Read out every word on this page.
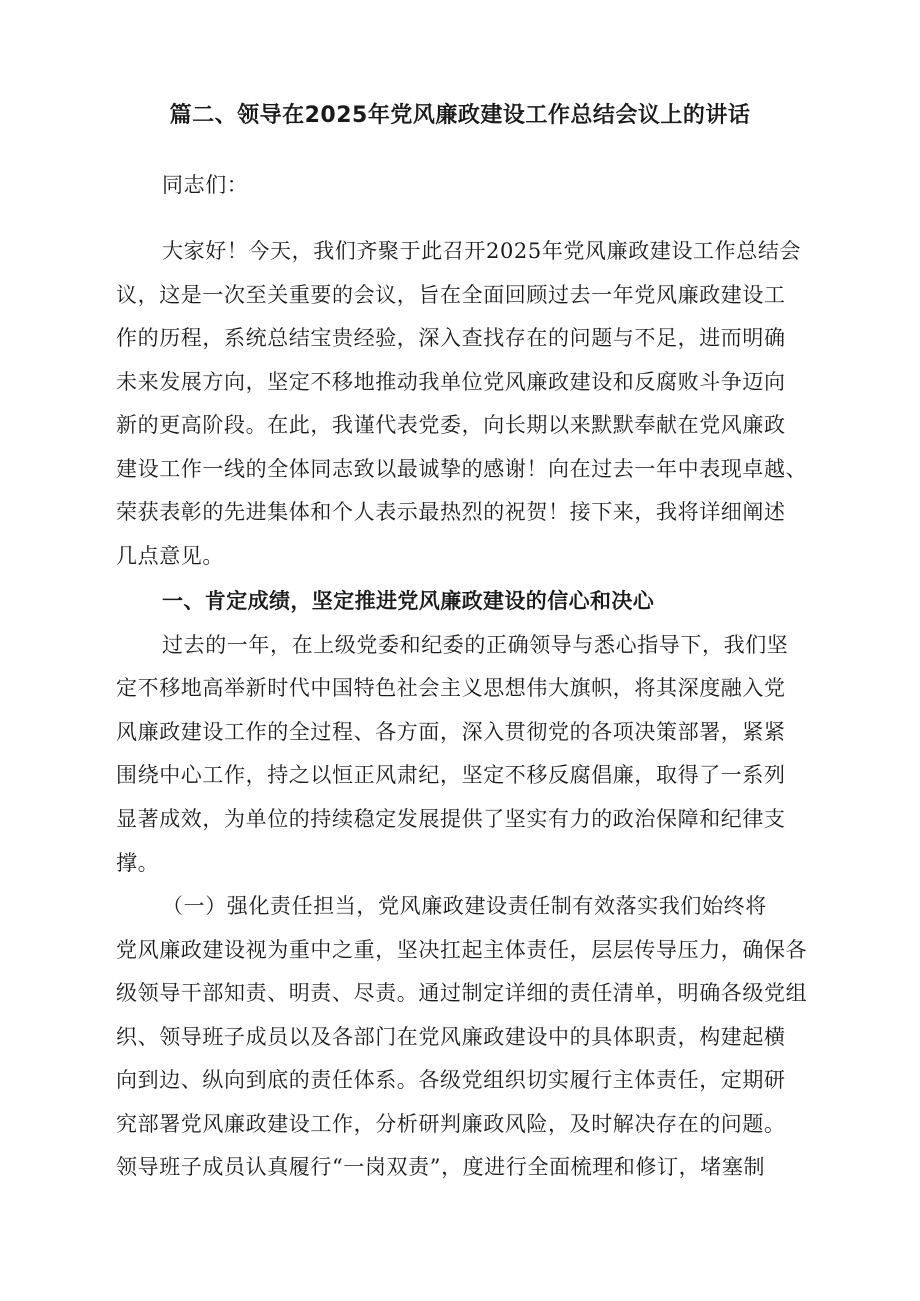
篇二、领导在2025年党风廉政建设工作总结会议上的讲话
同志们：
大家好！今天，我们齐聚于此召开2025年党风廉政建设工作总结会
议，这是一次至关重要的会议，旨在全面回顾过去一年党风廉政建设工
作的历程，系统总结宝贵经验，深入查找存在的问题与不足，进而明确
未来发展方向，坚定不移地推动我单位党风廉政建设和反腐败斗争迈向
新的更高阶段。在此，我谨代表党委，向长期以来默默奉献在党风廉政
建设工作一线的全体同志致以最诚挚的感谢！向在过去一年中表现卓越、
荣获表彰的先进集体和个人表示最热烈的祝贺！接下来，我将详细阐述
几点意见。
一、肯定成绩，坚定推进党风廉政建设的信心和决心
过去的一年，在上级党委和纪委的正确领导与悉心指导下，我们坚
定不移地高举新时代中国特色社会主义思想伟大旗帜，将其深度融入党
风廉政建设工作的全过程、各方面，深入贯彻党的各项决策部署，紧紧
围绕中心工作，持之以恒正风肃纪，坚定不移反腐倡廉，取得了一系列
显著成效，为单位的持续稳定发展提供了坚实有力的政治保障和纪律支
撑。
（一）强化责任担当，党风廉政建设责任制有效落实我们始终将
党风廉政建设视为重中之重，坚决扛起主体责任，层层传导压力，确保各
级领导干部知责、明责、尽责。通过制定详细的责任清单，明确各级党组
织、领导班子成员以及各部门在党风廉政建设中的具体职责，构建起横
向到边、纵向到底的责任体系。各级党组织切实履行主体责任，定期研
究部署党风廉政建设工作，分析研判廉政风险，及时解决存在的问题。
领导班子成员认真履行“一岗双责”，度进行全面梳理和修订，堵塞制
